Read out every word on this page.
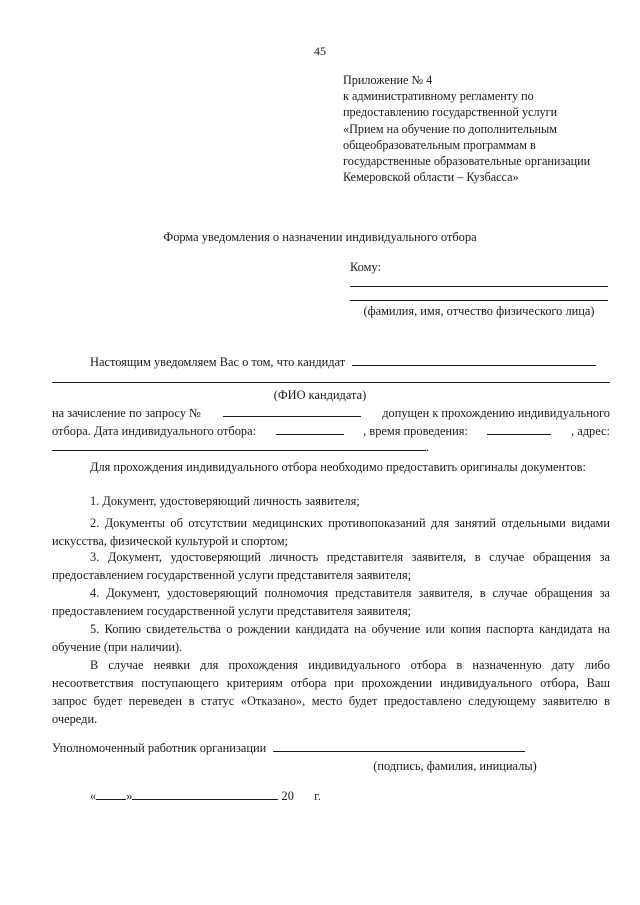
45
Приложение № 4
к административному регламенту по
предоставлению государственной услуги
«Прием на обучение по дополнительным
общеобразовательным программам в
государственные образовательные организации
Кемеровской области – Кузбасса»
Форма уведомления о назначении индивидуального отбора
Кому:
(фамилия, имя, отчество физического лица)
Настоящим уведомляем Вас о том, что кандидат
(ФИО кандидата)
на зачисление по запросу №	допущен к прохождению индивидуального
отбора. Дата индивидуального отбора:	, время проведения:	, адрес:
.
Для прохождения индивидуального отбора необходимо предоставить оригиналы документов:
1. Документ, удостоверяющий личность заявителя;
2. Документы об отсутствии медицинских противопоказаний для занятий отдельными видами искусства, физической культурой и спортом;
3. Документ, удостоверяющий личность представителя заявителя, в случае обращения за предоставлением государственной услуги представителя заявителя;
4. Документ, удостоверяющий полномочия представителя заявителя, в случае обращения за предоставлением государственной услуги представителя заявителя;
5. Копию свидетельства о рождении кандидата на обучение или копия паспорта кандидата на обучение (при наличии).
В случае неявки для прохождения индивидуального отбора в назначенную дату либо несоответствия поступающего критериям отбора при прохождении индивидуального отбора, Ваш запрос будет переведен в статус «Отказано», место будет предоставлено следующему заявителю в очереди.
Уполномоченный работник организации
(подпись, фамилия, инициалы)
« »	20 г.
